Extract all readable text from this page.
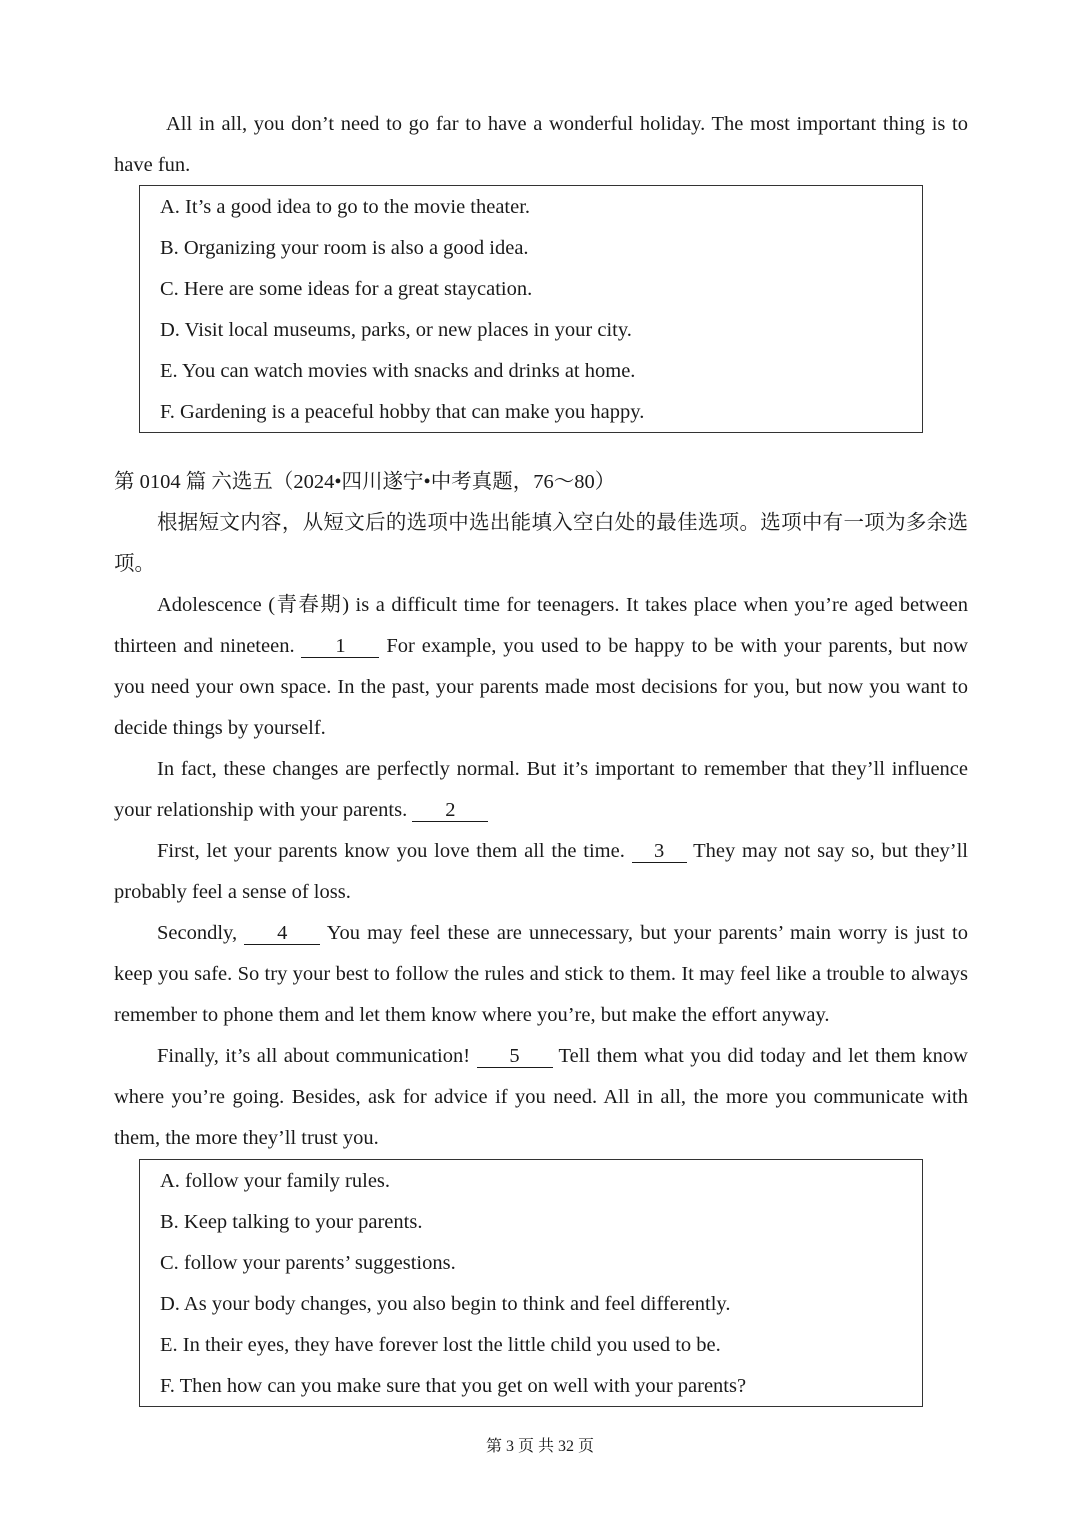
All in all, you don’t need to go far to have a wonderful holiday. The most important thing is to have fun.
A. It’s a good idea to go to the movie theater.
B. Organizing your room is also a good idea.
C. Here are some ideas for a great staycation.
D. Visit local museums, parks, or new places in your city.
E. You can watch movies with snacks and drinks at home.
F. Gardening is a peaceful hobby that can make you happy.
第 0104 篇 六选五（2024•四川遂宁•中考真题，76～80）
根据短文内容，从短文后的选项中选出能填入空白处的最佳选项。选项中有一项为多余选项。
Adolescence (青春期) is a difficult time for teenagers. It takes place when you’re aged between thirteen and nineteen. 1 For example, you used to be happy to be with your parents, but now you need your own space. In the past, your parents made most decisions for you, but now you want to decide things by yourself.
In fact, these changes are perfectly normal. But it’s important to remember that they’ll influence your relationship with your parents. 2
First, let your parents know you love them all the time. 3 They may not say so, but they’ll probably feel a sense of loss.
Secondly, 4 You may feel these are unnecessary, but your parents’ main worry is just to keep you safe. So try your best to follow the rules and stick to them. It may feel like a trouble to always remember to phone them and let them know where you’re, but make the effort anyway.
Finally, it’s all about communication! 5 Tell them what you did today and let them know where you’re going. Besides, ask for advice if you need. All in all, the more you communicate with them, the more they’ll trust you.
A. follow your family rules.
B. Keep talking to your parents.
C. follow your parents’ suggestions.
D. As your body changes, you also begin to think and feel differently.
E. In their eyes, they have forever lost the little child you used to be.
F. Then how can you make sure that you get on well with your parents?
第 3 页 共 32 页
